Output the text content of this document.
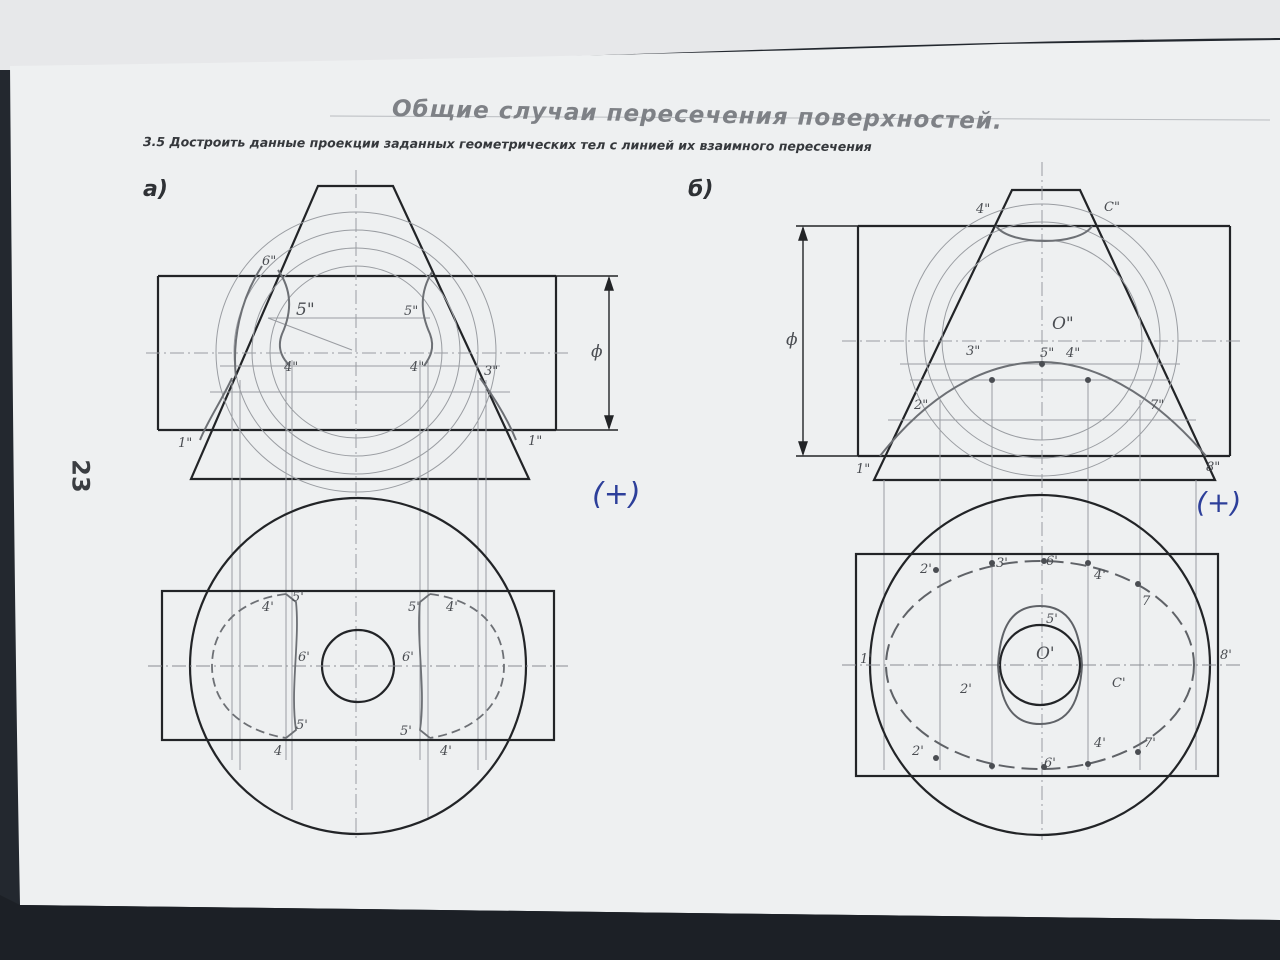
Общие случаи пересечения поверхностей.
3.5 Достроить данные проекции заданных геометрических тел с линией их взаимного пересечения
а)	б)
23
(+)	(+)
ϕ
ϕ
6"
5"	5"
4"	4"	3"
1"	1"
4'	4'
5'
5'
6'	6'
5'	5'
4	4'
4"	C"
O"
3"	5" 4"
2"	7"
1"	8"
2'	3'	6'
4'
7
5'
1'	O'	8'
C'
2'
4'	7'
2'
6'
